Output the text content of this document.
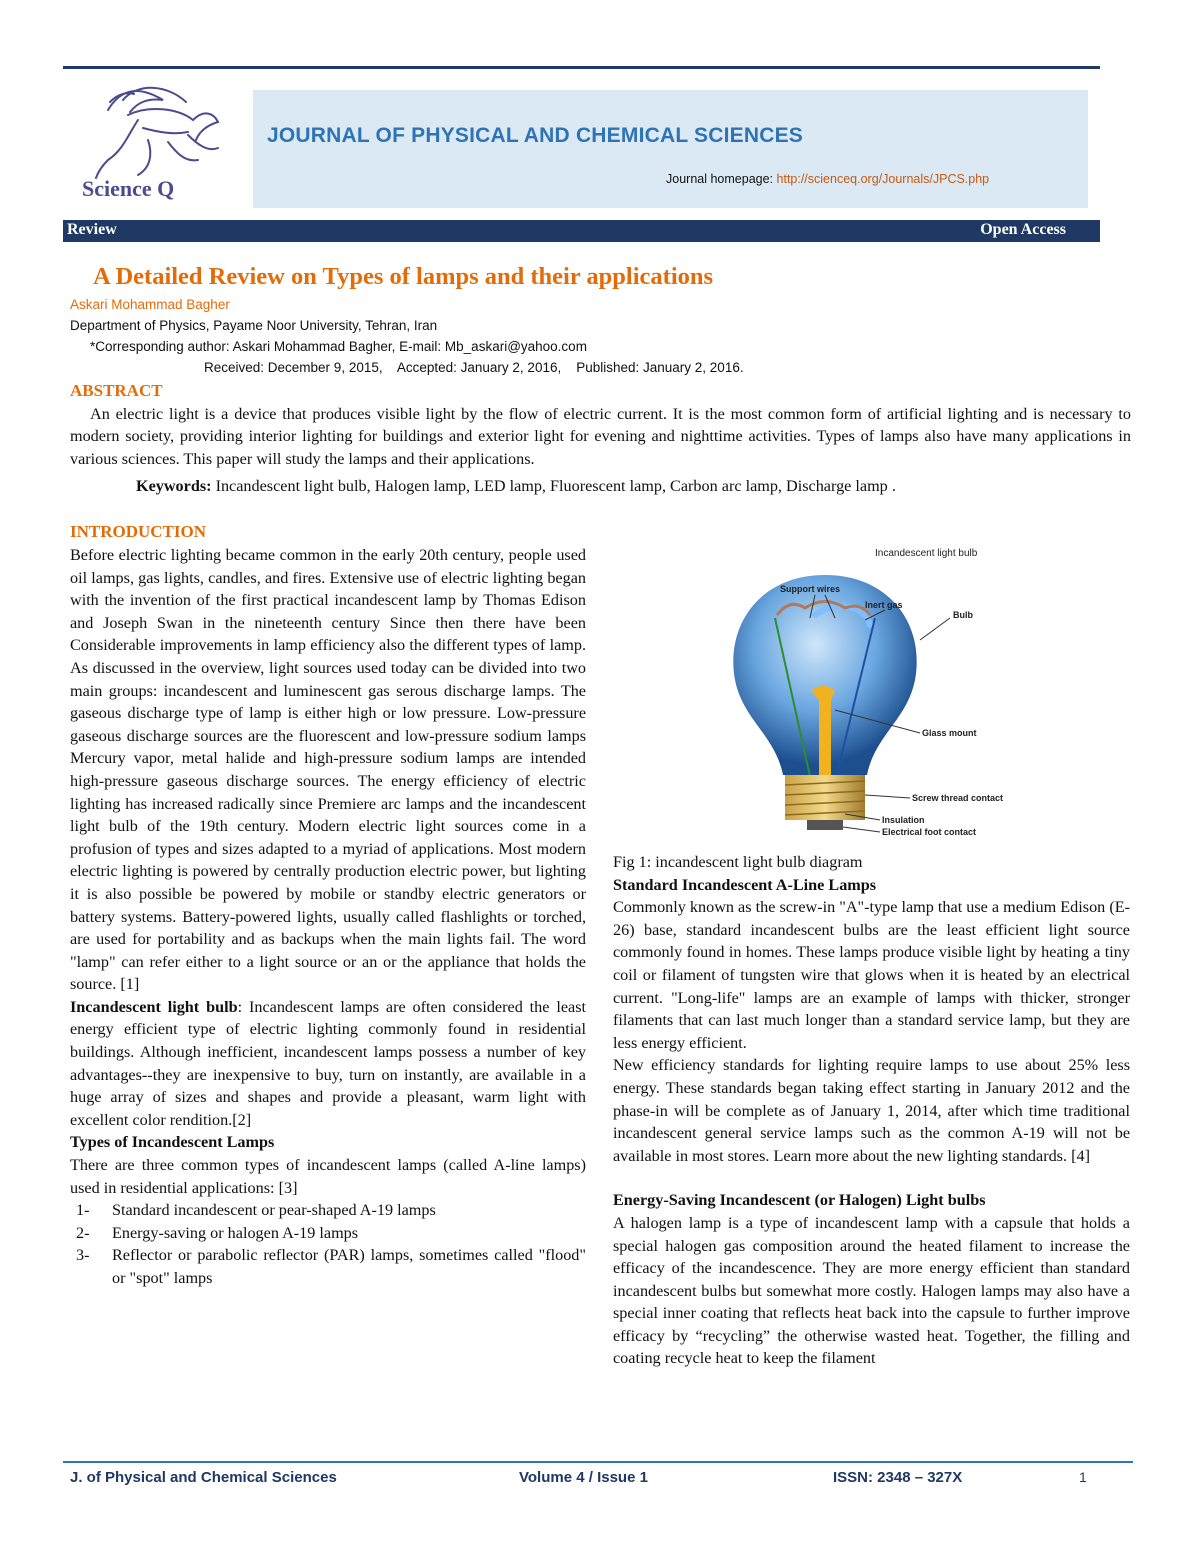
Science Q
JOURNAL OF PHYSICAL AND CHEMICAL SCIENCES
Journal homepage: http://scienceq.org/Journals/JPCS.php
Review	Open Access
A Detailed Review on Types of lamps and their applications
Askari Mohammad Bagher
Department of Physics, Payame Noor University, Tehran, Iran
*Corresponding author: Askari Mohammad Bagher, E-mail: Mb_askari@yahoo.com
Received: December 9, 2015,    Accepted: January 2, 2016,    Published: January 2, 2016.
ABSTRACT

An electric light is a device that produces visible light by the flow of electric current. It is the most common form of artificial lighting and is necessary to modern society, providing interior lighting for buildings and exterior light for evening and nighttime activities. Types of lamps also have many applications in various sciences. This paper will study the lamps and their applications.

Keywords: Incandescent light bulb, Halogen lamp, LED lamp, Fluorescent lamp, Carbon arc lamp, Discharge lamp .
INTRODUCTION

Before electric lighting became common in the early 20th century, people used oil lamps, gas lights, candles, and fires. Extensive use of electric lighting began with the invention of the first practical incandescent lamp by Thomas Edison and Joseph Swan in the nineteenth century Since then there have been Considerable improvements in lamp efficiency also the different types of lamp. As discussed in the overview, light sources used today can be divided into two main groups: incandescent and luminescent gas serous discharge lamps. The gaseous discharge type of lamp is either high or low pressure. Low-pressure gaseous discharge sources are the fluorescent and low-pressure sodium lamps Mercury vapor, metal halide and high-pressure sodium lamps are intended high-pressure gaseous discharge sources. The energy efficiency of electric lighting has increased radically since Premiere arc lamps and the incandescent light bulb of the 19th century. Modern electric light sources come in a profusion of types and sizes adapted to a myriad of applications. Most modern electric lighting is powered by centrally production electric power, but lighting it is also possible be powered by mobile or standby electric generators or battery systems. Battery-powered lights, usually called flashlights or torched, are used for portability and as backups when the main lights fail. The word "lamp" can refer either to a light source or an or the appliance that holds the source. [1]

Incandescent light bulb: Incandescent lamps are often considered the least energy efficient type of electric lighting commonly found in residential buildings. Although inefficient, incandescent lamps possess a number of key advantages--they are inexpensive to buy, turn on instantly, are available in a huge array of sizes and shapes and provide a pleasant, warm light with excellent color rendition.[2]

Types of Incandescent Lamps

There are three common types of incandescent lamps (called A-line lamps) used in residential applications: [3]

1- Standard incandescent or pear-shaped A-19 lamps
2- Energy-saving or halogen A-19 lamps
3- Reflector or parabolic reflector (PAR) lamps, sometimes called "flood" or "spot" lamps
Incandescent light bulb
Support wires
Inert gas
Bulb
Glass mount
Screw thread contact
Insulation
Electrical foot contact

Fig 1: incandescent light bulb diagram

Standard Incandescent A-Line Lamps

Commonly known as the screw-in "A"-type lamp that use a medium Edison (E-26) base, standard incandescent bulbs are the least efficient light source commonly found in homes. These lamps produce visible light by heating a tiny coil or filament of tungsten wire that glows when it is heated by an electrical current. "Long-life" lamps are an example of lamps with thicker, stronger filaments that can last much longer than a standard service lamp, but they are less energy efficient.

New efficiency standards for lighting require lamps to use about 25% less energy. These standards began taking effect starting in January 2012 and the phase-in will be complete as of January 1, 2014, after which time traditional incandescent general service lamps such as the common A-19 will not be available in most stores. Learn more about the new lighting standards. [4]

Energy-Saving Incandescent (or Halogen) Light bulbs

A halogen lamp is a type of incandescent lamp with a capsule that holds a special halogen gas composition around the heated filament to increase the efficacy of the incandescence. They are more energy efficient than standard incandescent bulbs but somewhat more costly. Halogen lamps may also have a special inner coating that reflects heat back into the capsule to further improve efficacy by “recycling” the otherwise wasted heat. Together, the filling and coating recycle heat to keep the filament

J. of Physical and Chemical Sciences	Volume 4 / Issue 1	ISSN: 2348 – 327X	1
